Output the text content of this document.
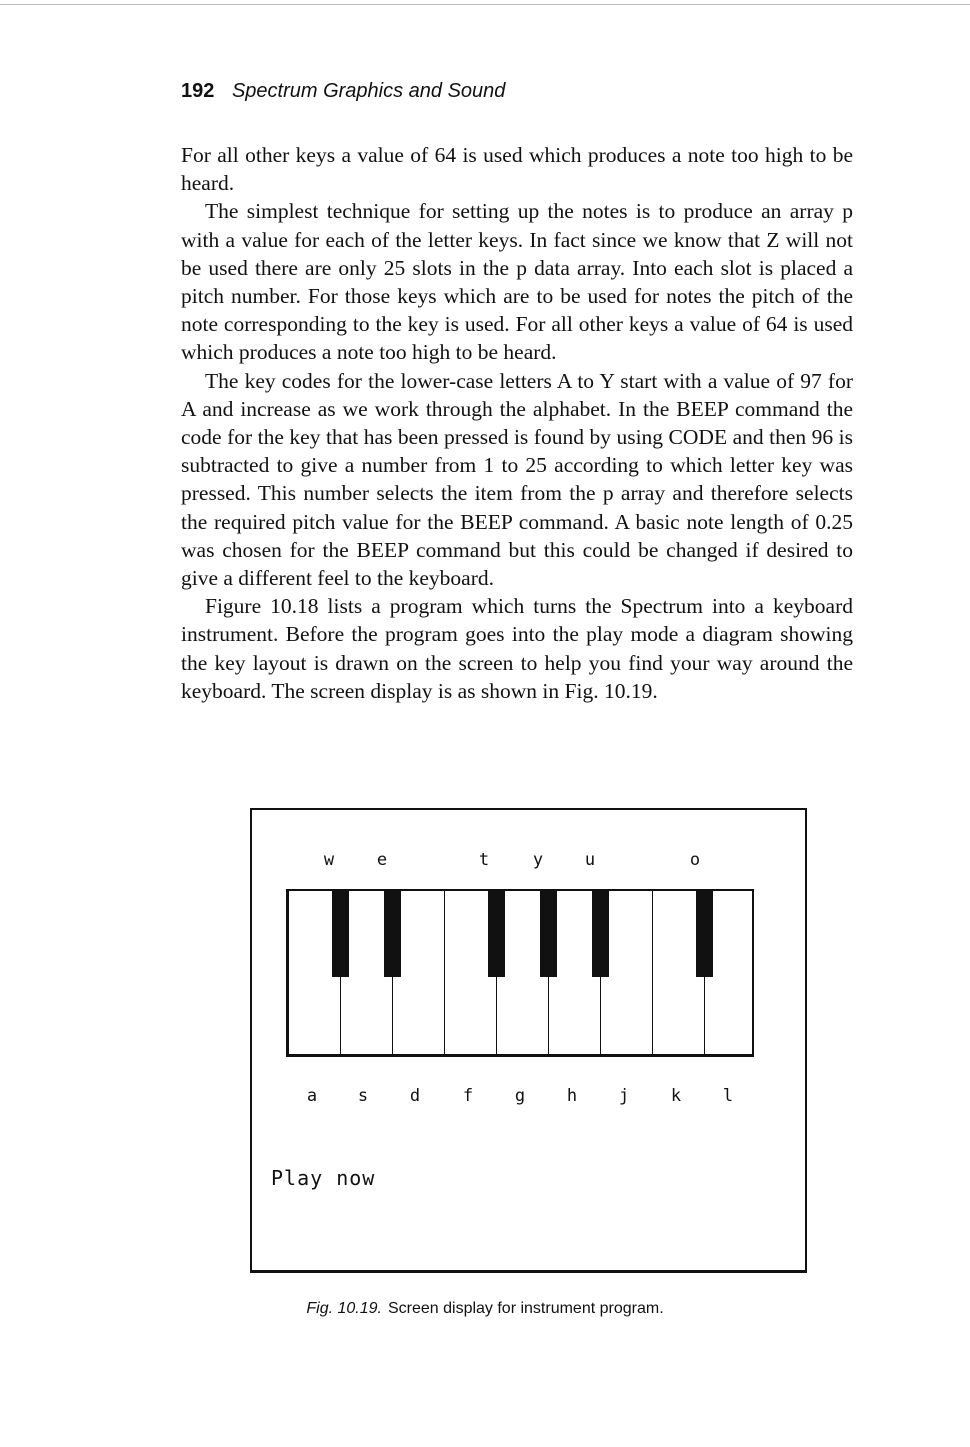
192 Spectrum Graphics and Sound

For all other keys a value of 64 is used which produces a note too high to be heard.

The simplest technique for setting up the notes is to produce an array p with a value for each of the letter keys. In fact since we know that Z will not be used there are only 25 slots in the p data array. Into each slot is placed a pitch number. For those keys which are to be used for notes the pitch of the note corresponding to the key is used. For all other keys a value of 64 is used which produces a note too high to be heard.

The key codes for the lower-case letters A to Y start with a value of 97 for A and increase as we work through the alphabet. In the BEEP command the code for the key that has been pressed is found by using CODE and then 96 is subtracted to give a number from 1 to 25 according to which letter key was pressed. This number selects the item from the p array and therefore selects the required pitch value for the BEEP command. A basic note length of 0.25 was chosen for the BEEP command but this could be changed if desired to give a different feel to the keyboard.

Figure 10.18 lists a program which turns the Spectrum into a keyboard instrument. Before the program goes into the play mode a diagram showing the key layout is drawn on the screen to help you find your way around the keyboard. The screen display is as shown in Fig. 10.19.

w	e	t	y u	o
a s d	f g h j k l
Play now
Fig. 10.19. Screen display for instrument program.
